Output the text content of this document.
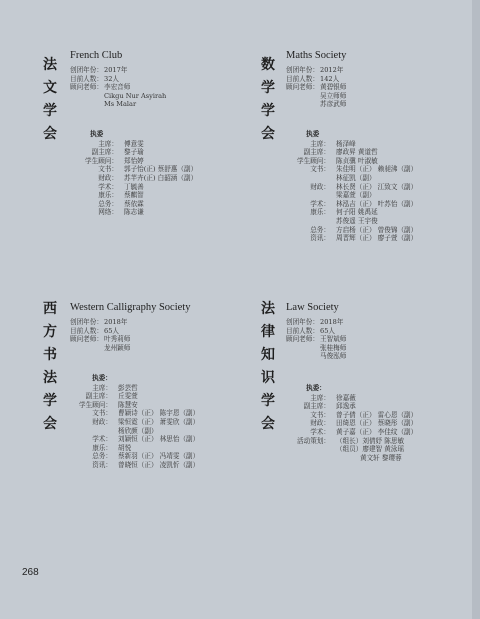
法
文
学
会
French Club
创团年份： 2017年
目前人数： 32人
顾问老师： 李宏音师
Cikgu Nur Asyirah
Ms Malar
执委
主席： 傅意雯
副主席： 黎子瑜
学生顾问： 郑怡婷
文书： 郭子怡(正) 蔡舒惠（副）
财政： 苏芊卉(正) 白韶涵（副）
学术： 丁毓善
康乐： 蔡麒智
总务： 蔡依霖
网络： 陈志谦
数
学
学
会
Maths Society
创团年份： 2012年
目前人数： 142人
顾问老师： 黄碧银师
吴立师师
苏彦武师
执委
主席： 杨泽峰
副主席： 廖政昇 黄道哲
学生顾问： 陈贞骥 叶淑敏
文书： 朱佳明（正） 赖昶沸（副）
林征凯（副）
财政： 林长贤（正） 江致文（副）
梁嘉萱（副）
学术： 林泓吉（正） 叶苏怡（副）
康乐： 何子阳 姚禹延
苏俊遥 王宇俊
总务： 方启杨（正） 曾俊锦（副）
资讯： 周晋辉（正） 廖子萱（副）
西
方
书
法
学
会
Western Calligraphy Society
创团年份： 2018年
目前人数： 65人
顾问老师： 叶秀莉师
龙州颖师
执委：
主席： 彭芸哲
副主席： 丘雯萱
学生顾问： 陈慧安
文书： 曹颖诗（正） 陈宇恩（副）
财政： 梁恒霓（正） 萧雯欣（副）
杨欣颜（副）
学术： 刘颖恒（正） 林思怡（副）
康乐： 胡悦
总务： 蔡新羽（正） 冯靖雯（副）
资讯： 曾晓恒（正） 凌凯忻（副）
法
律
知
识
学
会
Law Society
创团年份： 2018年
目前人数： 65人
顾问老师： 王智斌师
张桂梅师
马俊泓师
执委：
主席： 徐嘉薇
副主席： 邱逸承
文书： 曾子倩（正） 雷心恩（副）
财政： 田绮恩（正） 蔡晓彤（副）
学术： 黄子嘉（正） 李佳纹（副）
活动策划： （组长）刘倩妤 陈思敏
（组员）廖建智 黄泳瑶
黄文轩 黎璎蓉
268
